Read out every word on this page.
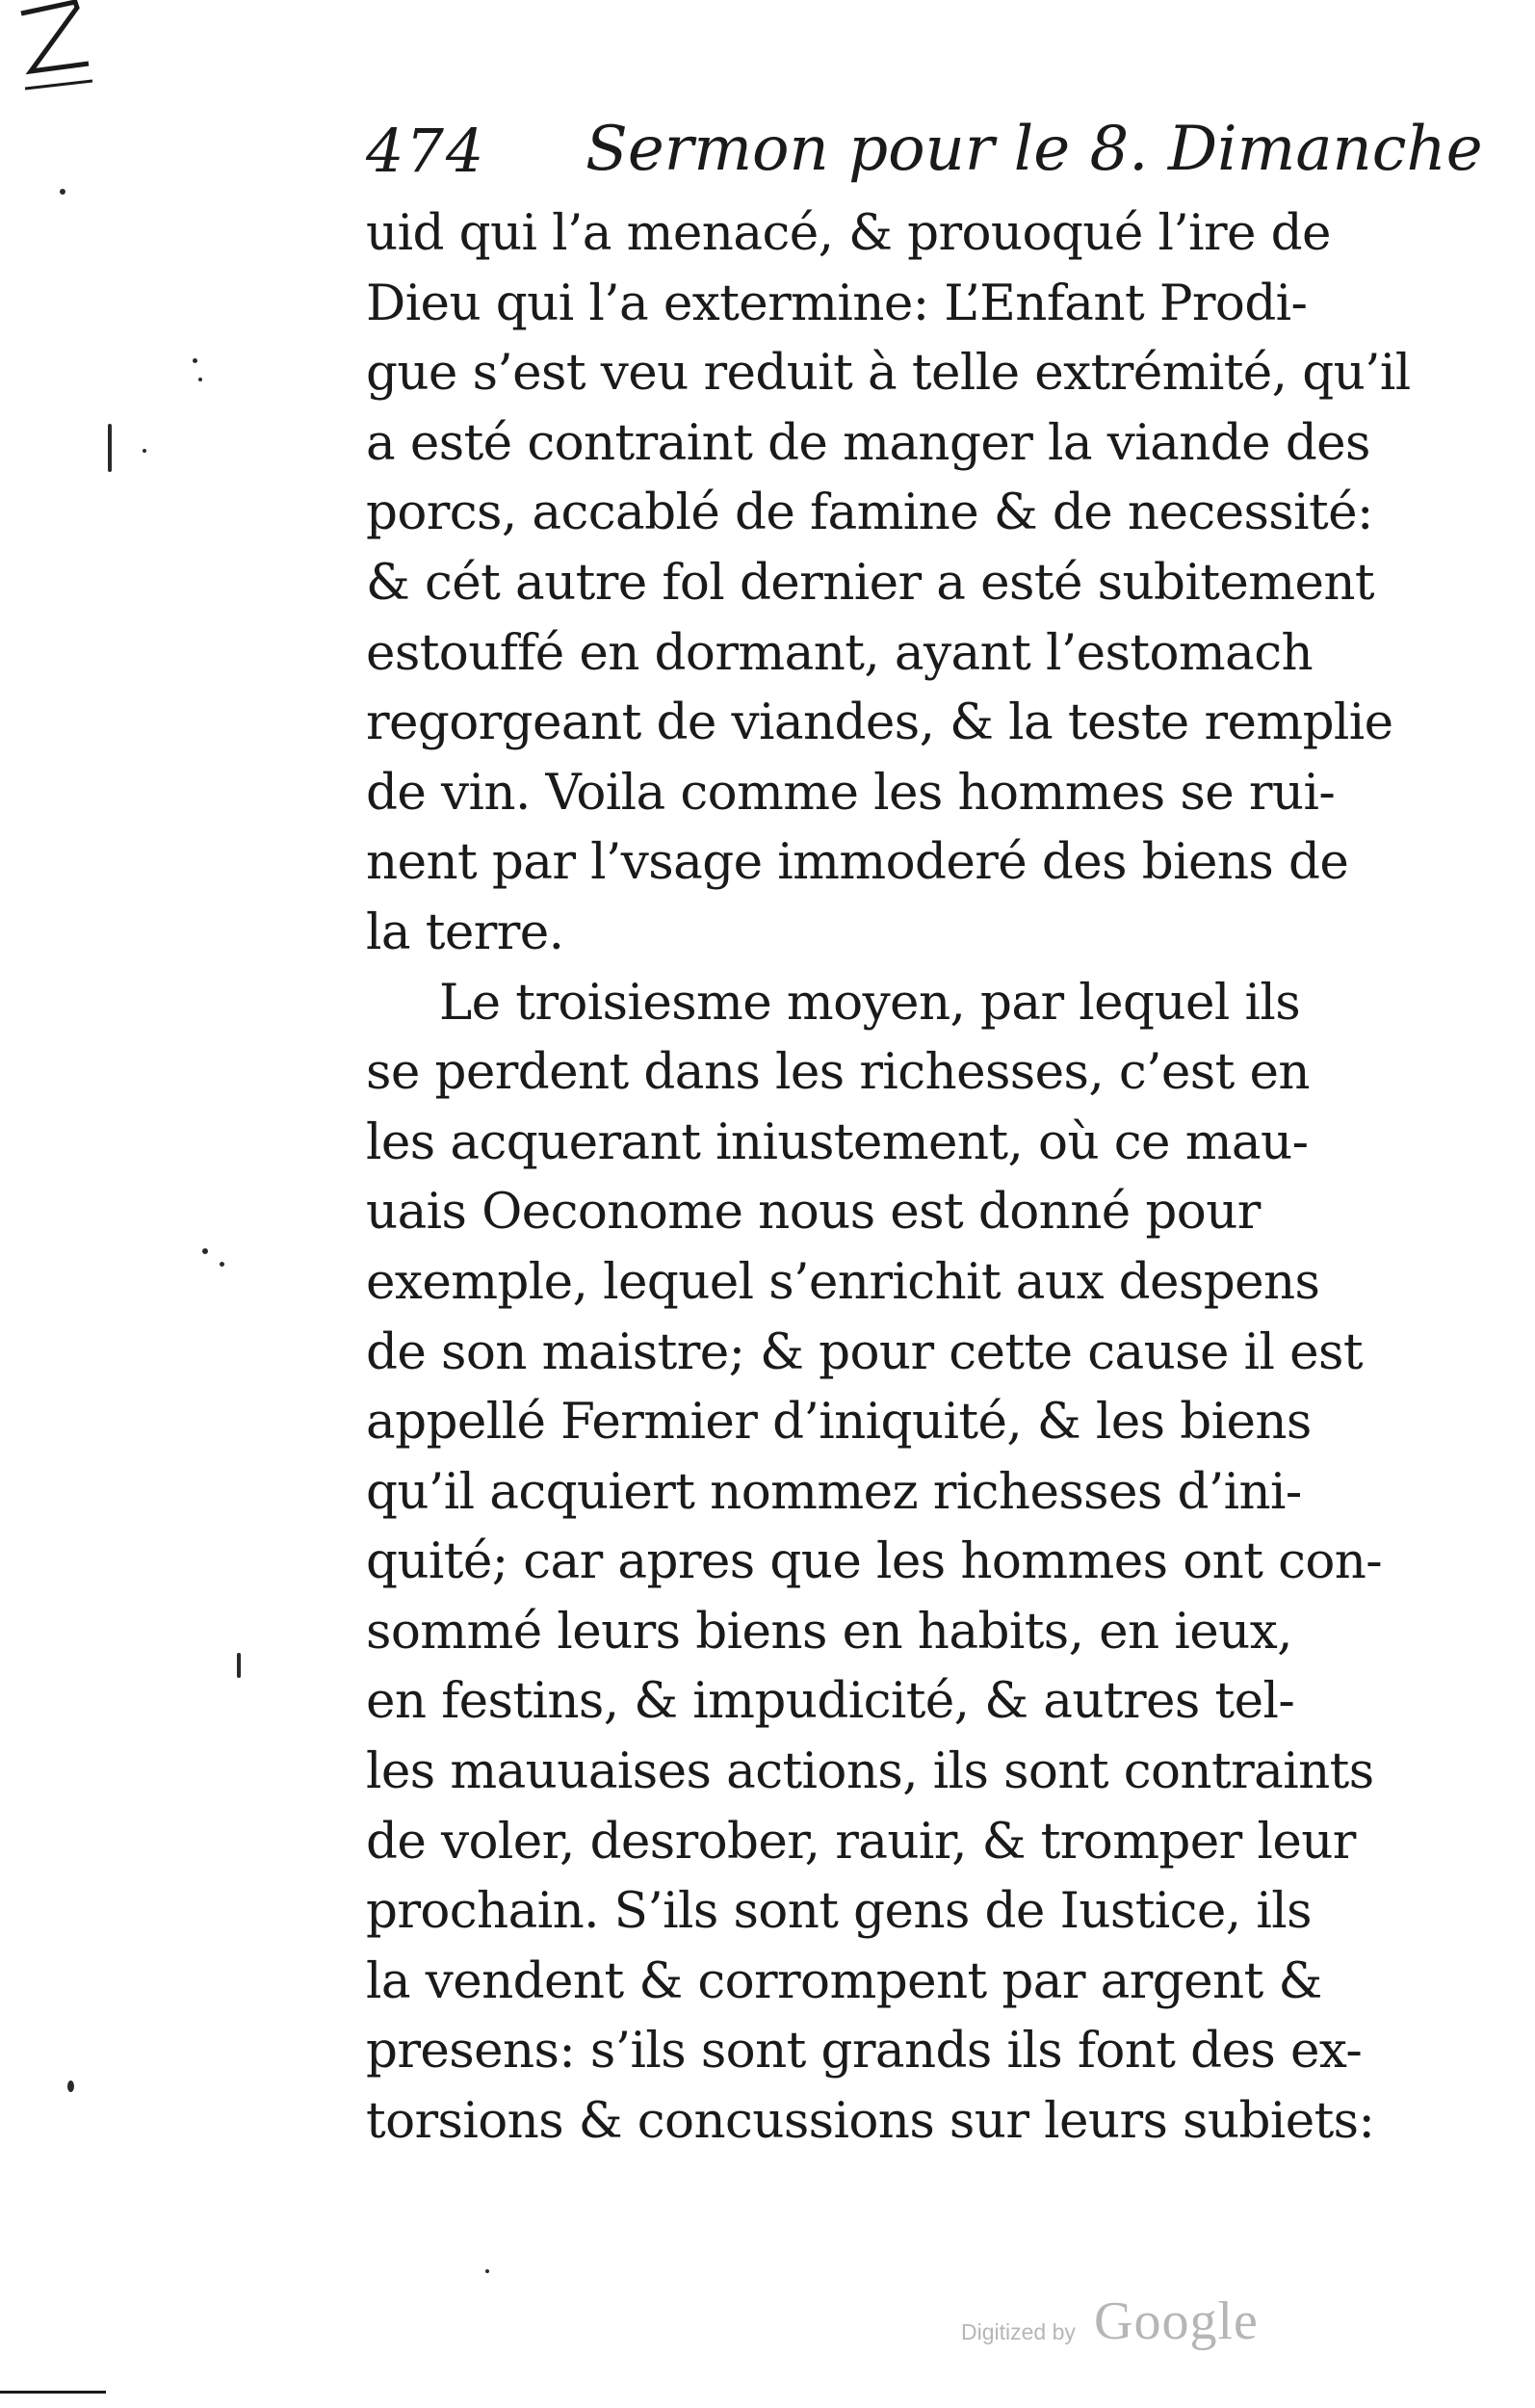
474 Sermon pour le 8. Dimanche
uid qui l’a menacé, & prouoqué l’ire de
Dieu qui l’a extermine: L’Enfant Prodi-
gue s’est veu reduit à telle extrémité, qu’il
a esté contraint de manger la viande des
porcs, accablé de famine & de necessité:
& cét autre fol dernier a esté subitement
estouffé en dormant, ayant l’estomach
regorgeant de viandes, & la teste remplie
de vin. Voila comme les hommes se rui-
nent par l’vsage immoderé des biens de
la terre.
Le troisiesme moyen, par lequel ils
se perdent dans les richesses, c’est en
les acquerant iniustement, où ce mau-
uais Oeconome nous est donné pour
exemple, lequel s’enrichit aux despens
de son maistre; & pour cette cause il est
appellé Fermier d’iniquité, & les biens
qu’il acquiert nommez richesses d’ini-
quité; car apres que les hommes ont con-
sommé leurs biens en habits, en ieux,
en festins, & impudicité, & autres tel-
les mauuaises actions, ils sont contraints
de voler, desrober, rauir, & tromper leur
prochain. S’ils sont gens de Iustice, ils
la vendent & corrompent par argent &
presens: s’ils sont grands ils font des ex-
torsions & concussions sur leurs subiets:
Digitized by Google
